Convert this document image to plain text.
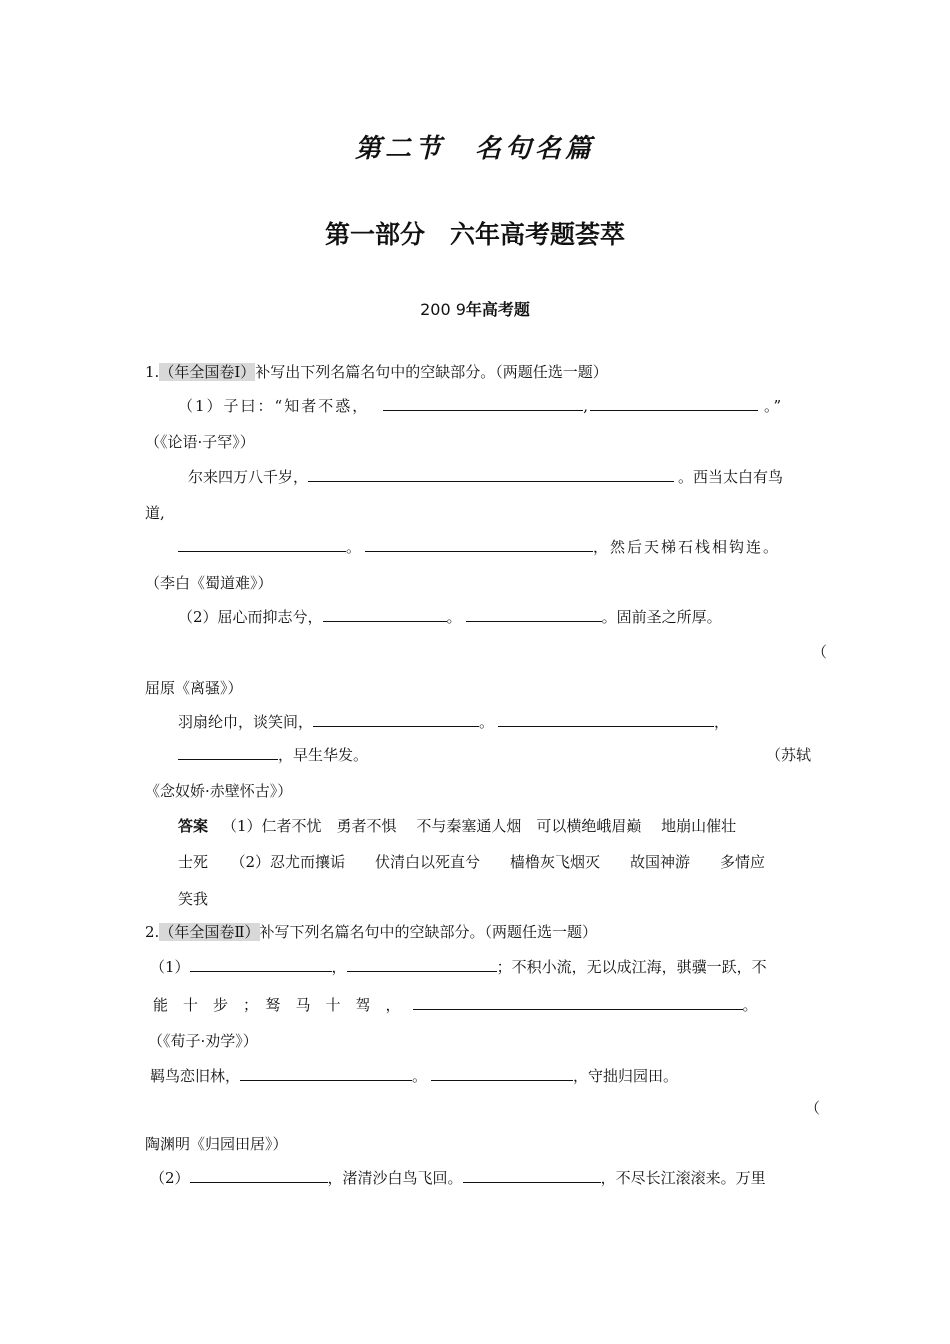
第二节　名句名篇
第一部分　六年高考题荟萃
200 9年高考题
1.（年全国卷Ⅰ）补写出下列名篇名句中的空缺部分。（两题任选一题）
（1）子曰：“知者不惑，	,	。”
（《论语·子罕》）
尔来四万八千岁，	。西当太白有鸟
道,
。	，然后天梯石栈相钩连。
（李白《蜀道难》）
（2）屈心而抑志兮，	。	。固前圣之所厚。
（
屈原《离骚》）
羽扇纶巾，谈笑间，	。	，
，早生华发。	（苏轼
《念奴娇·赤壁怀古》）
答案 （1）仁者不忧　勇者不惧　 不与秦塞通人烟　可以横绝峨眉巅　 地崩山催壮
士死　　（2）忍尤而攘诟　　伏清白以死直兮　　樯橹灰飞烟灭　　故国神游　　多情应
笑我
2.（年全国卷Ⅱ）补写下列名篇名句中的空缺部分。（两题任选一题）
（1）	，	；不积小流，无以成江海，骐骥一跃，不
能　十　步　；　驽　马　十　驾　，	。
（《荀子·劝学》）
羁鸟恋旧林，	。	，守拙归园田。
（
陶渊明《归园田居》）
（2）	，渚清沙白鸟飞回。	，不尽长江滚滚来。万里
